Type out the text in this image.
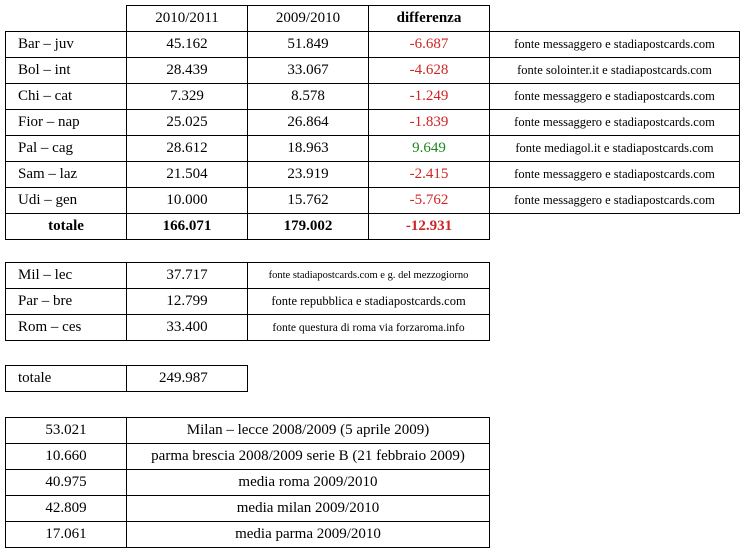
	2010/2011	2009/2010	differenza	
Bar – juv	45.162	51.849	-6.687	fonte messaggero e stadiapostcards.com
Bol – int	28.439	33.067	-4.628	fonte solointer.it e stadiapostcards.com
Chi – cat	7.329	8.578	-1.249	fonte messaggero e stadiapostcards.com
Fior – nap	25.025	26.864	-1.839	fonte messaggero e stadiapostcards.com
Pal – cag	28.612	18.963	9.649	fonte mediagol.it e stadiapostcards.com
Sam – laz	21.504	23.919	-2.415	fonte messaggero e stadiapostcards.com
Udi – gen	10.000	15.762	-5.762	fonte messaggero e stadiapostcards.com
totale	166.071	179.002	-12.931	
Mil – lec	37.717	fonte stadiapostcards.com e g. del mezzogiorno
Par – bre	12.799	fonte repubblica e stadiapostcards.com
Rom – ces	33.400	fonte questura di roma via forzaroma.info
totale	249.987
53.021	Milan – lecce 2008/2009 (5 aprile 2009)
10.660	parma brescia 2008/2009 serie B (21 febbraio 2009)
40.975	media roma 2009/2010
42.809	media milan 2009/2010
17.061	media parma 2009/2010
